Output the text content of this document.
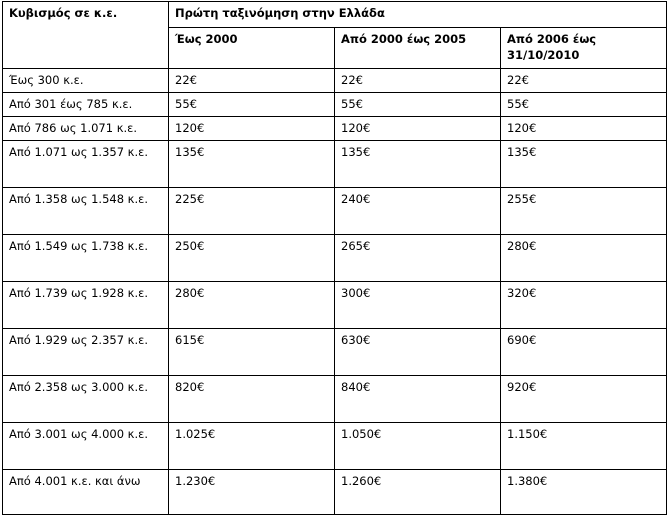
Κυβισμός σε κ.ε.	Πρώτη ταξινόμηση στην Ελλάδα		
	Έως 2000	Από 2000 έως 2005	Από 2006 έως 31/10/2010
Έως 300 κ.ε.	22€	22€	22€
Από 301 έως 785 κ.ε.	55€	55€	55€
Από 786 ως 1.071 κ.ε.	120€	120€	120€
Από 1.071 ως 1.357 κ.ε.	135€	135€	135€
Από 1.358 ως 1.548 κ.ε.	225€	240€	255€
Από 1.549 ως 1.738 κ.ε.	250€	265€	280€
Από 1.739 ως 1.928 κ.ε.	280€	300€	320€
Από 1.929 ως 2.357 κ.ε.	615€	630€	690€
Από 2.358 ως 3.000 κ.ε.	820€	840€	920€
Από 3.001 ως 4.000 κ.ε.	1.025€	1.050€	1.150€
Από 4.001 κ.ε. και άνω	1.230€	1.260€	1.380€
